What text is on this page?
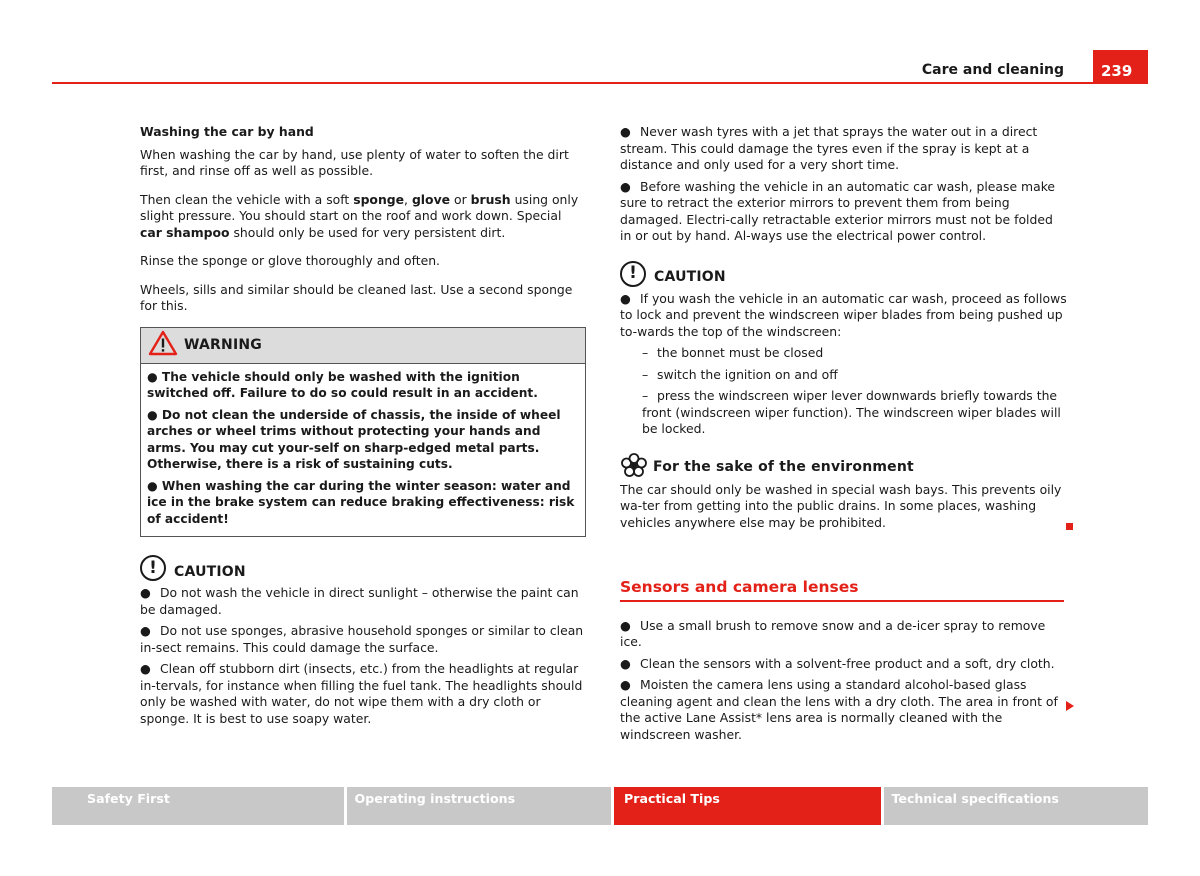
Care and cleaning	239
Washing the car by hand
When washing the car by hand, use plenty of water to soften the dirt first, and rinse off as well as possible.
Then clean the vehicle with a soft sponge, glove or brush using only slight pressure. You should start on the roof and work down. Special car shampoo should only be used for very persistent dirt.
Rinse the sponge or glove thoroughly and often.
Wheels, sills and similar should be cleaned last. Use a second sponge for this.
WARNING
● The vehicle should only be washed with the ignition switched off. Failure to do so could result in an accident.
● Do not clean the underside of chassis, the inside of wheel arches or wheel trims without protecting your hands and arms. You may cut your-self on sharp-edged metal parts. Otherwise, there is a risk of sustaining cuts.
● When washing the car during the winter season: water and ice in the brake system can reduce braking effectiveness: risk of accident!
!	CAUTION
● Do not wash the vehicle in direct sunlight – otherwise the paint can be damaged.
● Do not use sponges, abrasive household sponges or similar to clean in-sect remains. This could damage the surface.
● Clean off stubborn dirt (insects, etc.) from the headlights at regular in-tervals, for instance when filling the fuel tank. The headlights should only be washed with water, do not wipe them with a dry cloth or sponge. It is best to use soapy water.
● Never wash tyres with a jet that sprays the water out in a direct stream. This could damage the tyres even if the spray is kept at a distance and only used for a very short time.
● Before washing the vehicle in an automatic car wash, please make sure to retract the exterior mirrors to prevent them from being damaged. Electri-cally retractable exterior mirrors must not be folded in or out by hand. Al-ways use the electrical power control.
!	CAUTION
● If you wash the vehicle in an automatic car wash, proceed as follows to lock and prevent the windscreen wiper blades from being pushed up to-wards the top of the windscreen:
– the bonnet must be closed
– switch the ignition on and off
– press the windscreen wiper lever downwards briefly towards the front (windscreen wiper function). The windscreen wiper blades will be locked.
For the sake of the environment
The car should only be washed in special wash bays. This prevents oily wa-ter from getting into the public drains. In some places, washing vehicles anywhere else may be prohibited.
Sensors and camera lenses
● Use a small brush to remove snow and a de-icer spray to remove ice.
● Clean the sensors with a solvent-free product and a soft, dry cloth.
● Moisten the camera lens using a standard alcohol-based glass cleaning agent and clean the lens with a dry cloth. The area in front of the active Lane Assist* lens area is normally cleaned with the windscreen washer.
Safety First	Operating instructions	Practical Tips	Technical specifications
